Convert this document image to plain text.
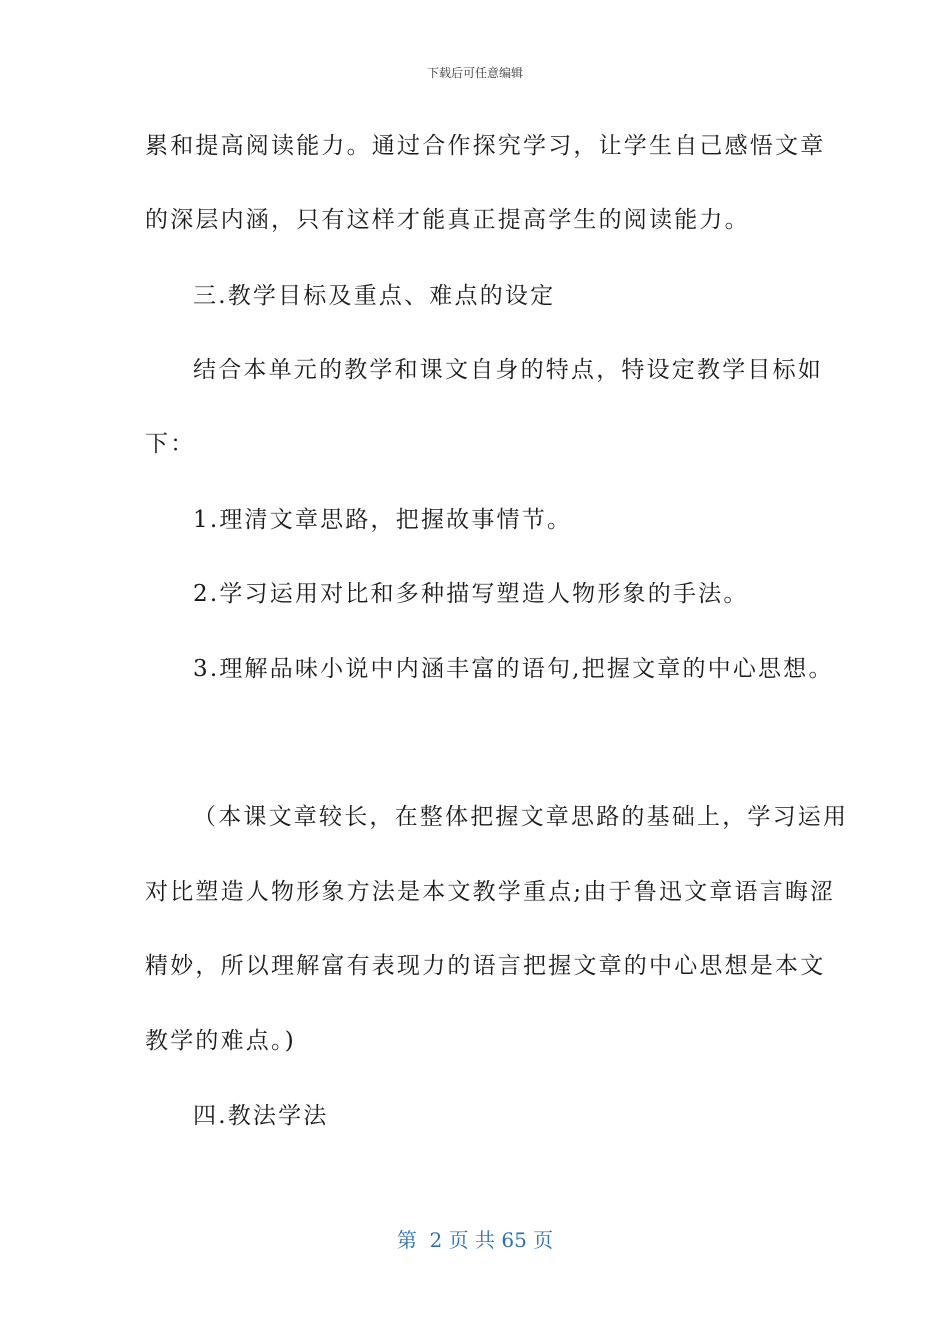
下载后可任意编辑
累和提高阅读能力。通过合作探究学习，让学生自己感悟文章
的深层内涵，只有这样才能真正提高学生的阅读能力。
三.教学目标及重点、难点的设定
结合本单元的教学和课文自身的特点，特设定教学目标如
下：
1.理清文章思路，把握故事情节。
2.学习运用对比和多种描写塑造人物形象的手法。
3.理解品味小说中内涵丰富的语句,把握文章的中心思想。
（本课文章较长，在整体把握文章思路的基础上，学习运用
对比塑造人物形象方法是本文教学重点;由于鲁迅文章语言晦涩
精妙，所以理解富有表现力的语言把握文章的中心思想是本文
教学的难点。)
四.教法学法
第  2 页 共 65 页
